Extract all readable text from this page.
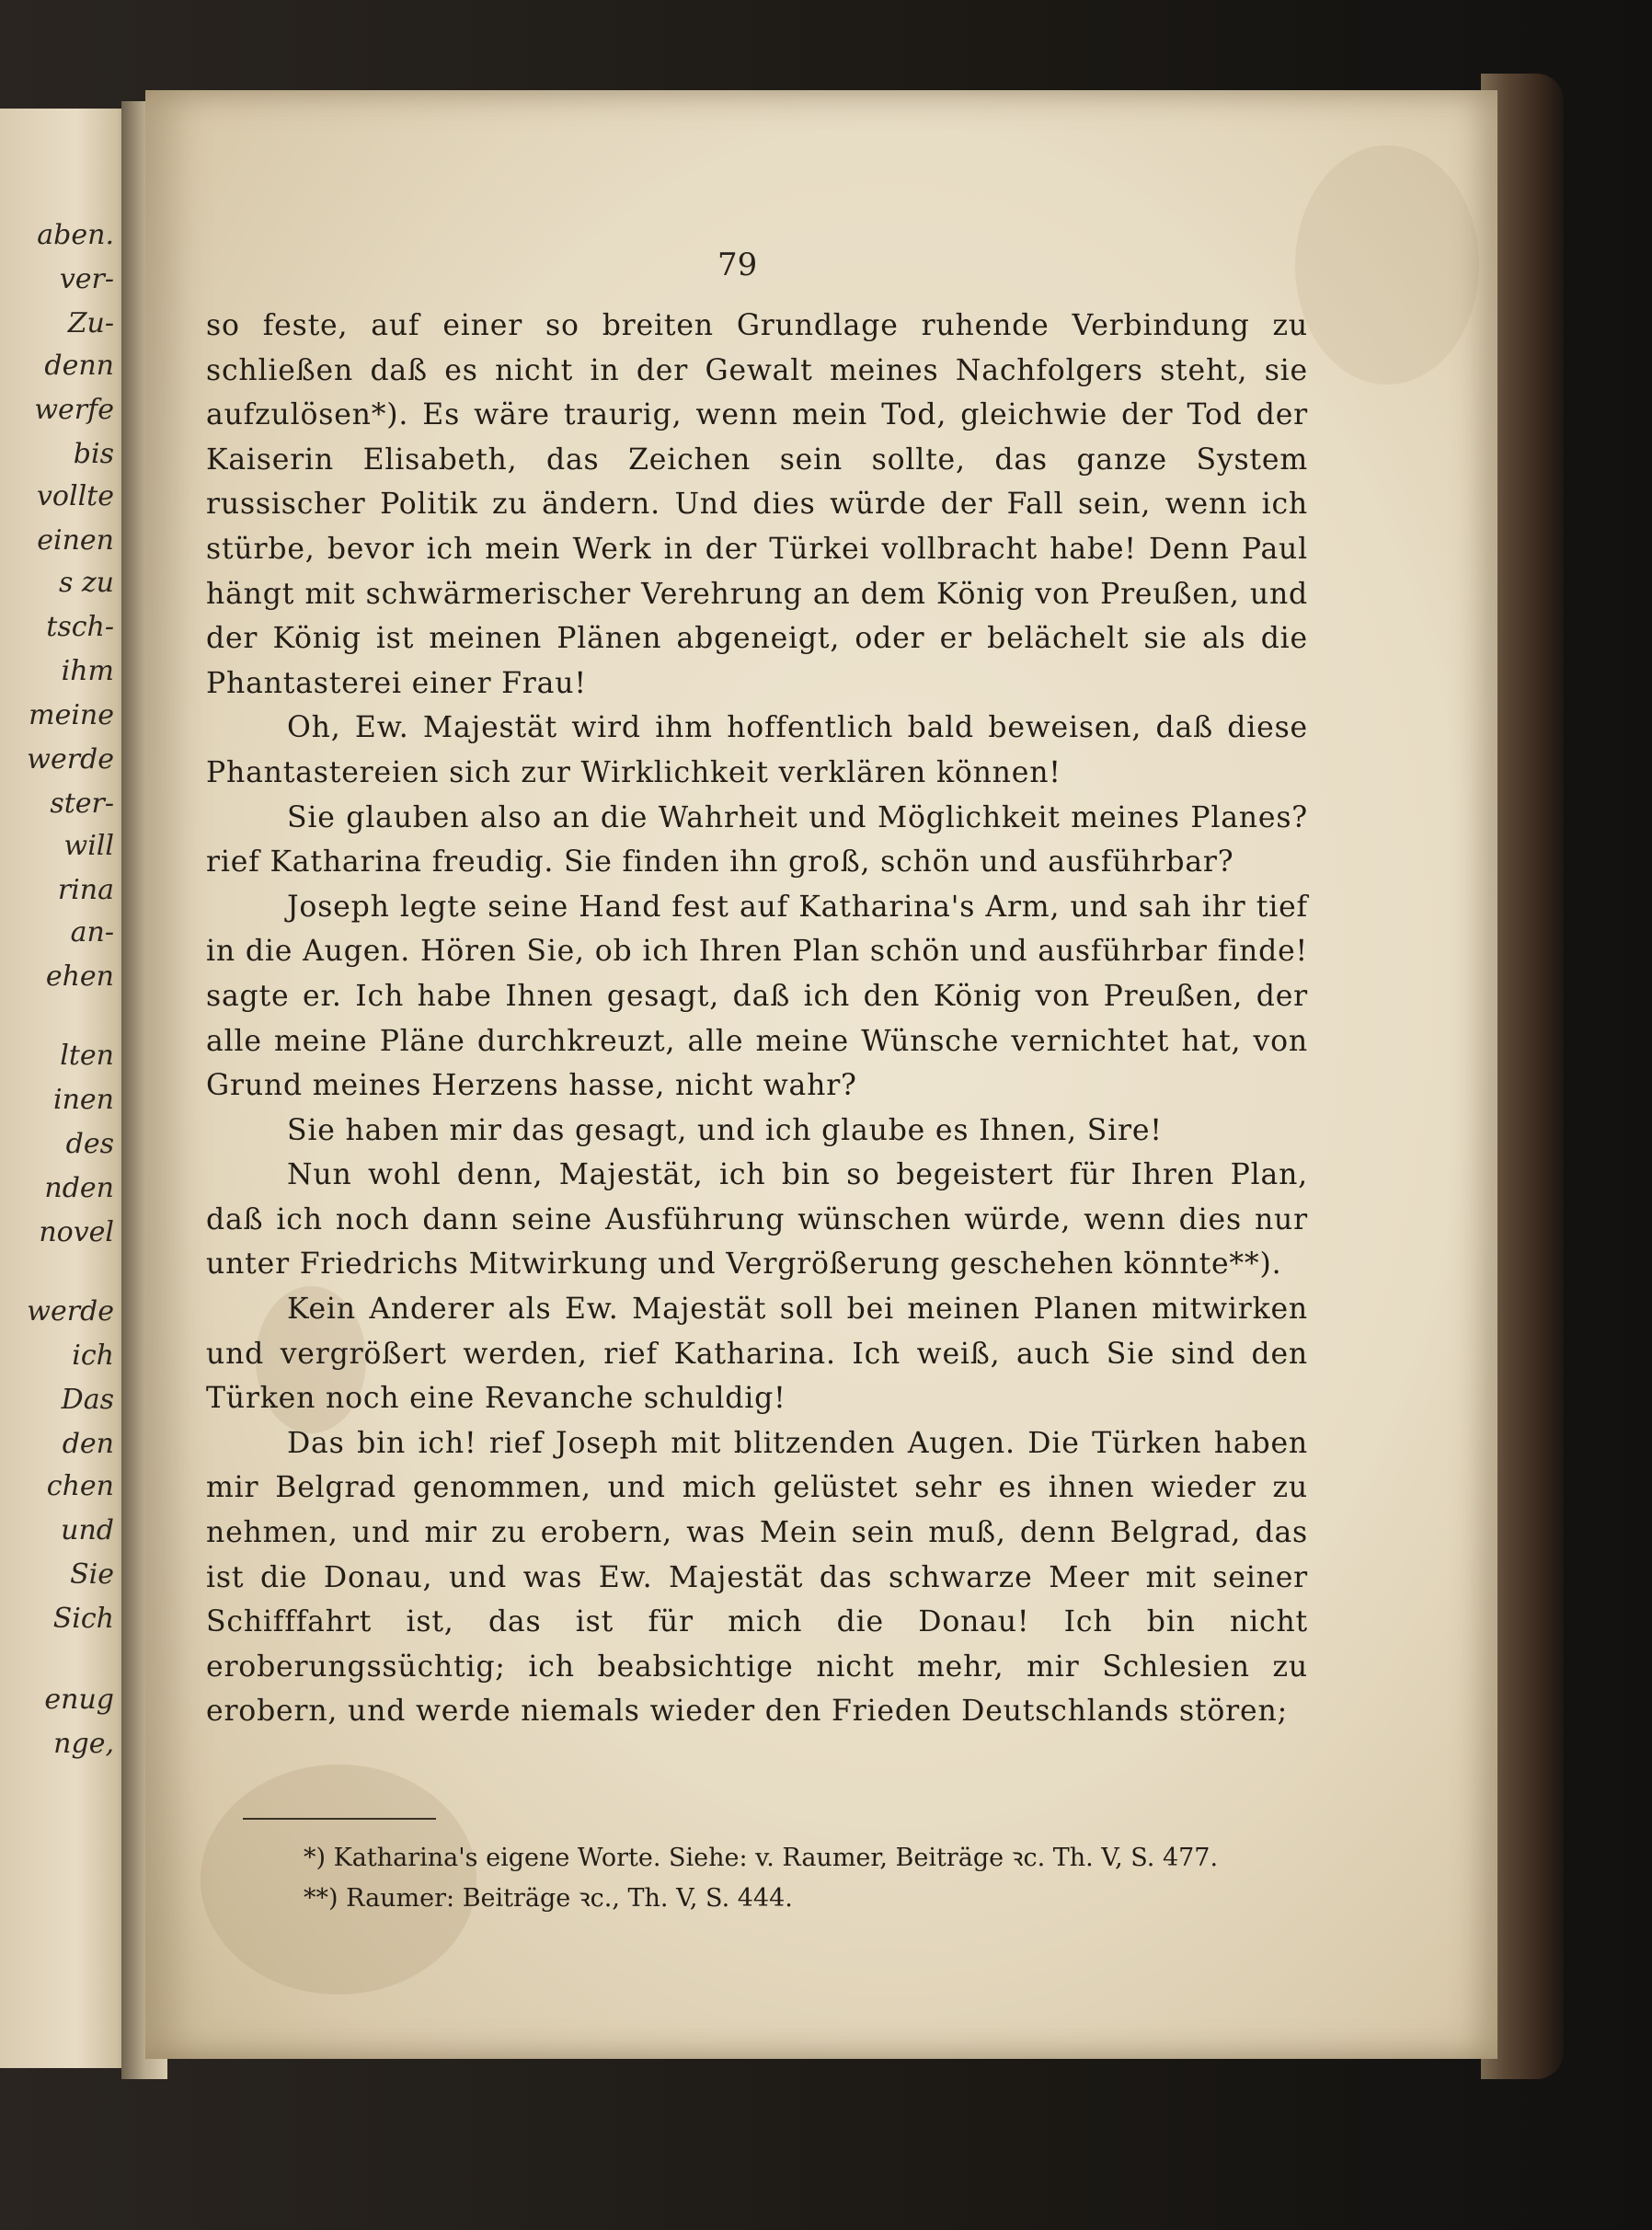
aben.
ver-
Zu-
denn
werfe
bis
vollte
einen
s zu
tsch-
ihm
meine
werde
ster-
will
rina
an-
ehen
lten
inen
des
nden
novel
werde
ich
Das
den
chen
und
Sie
Sich
enug
nge,
79

so feste, auf einer so breiten Grundlage ruhende Verbindung zu schließen daß es nicht in der Gewalt meines Nachfolgers steht, sie aufzulösen*). Es wäre traurig, wenn mein Tod, gleichwie der Tod der Kaiserin Elisabeth, das Zeichen sein sollte, das ganze System russischer Politik zu ändern. Und dies würde der Fall sein, wenn ich stürbe, bevor ich mein Werk in der Türkei vollbracht habe! Denn Paul hängt mit schwärmerischer Verehrung an dem König von Preußen, und der König ist meinen Plänen abgeneigt, oder er belächelt sie als die Phantasterei einer Frau!

Oh, Ew. Majestät wird ihm hoffentlich bald beweisen, daß diese Phantastereien sich zur Wirklichkeit verklären können!

Sie glauben also an die Wahrheit und Möglichkeit meines Planes? rief Katharina freudig. Sie finden ihn groß, schön und ausführbar?

Joseph legte seine Hand fest auf Katharina's Arm, und sah ihr tief in die Augen. Hören Sie, ob ich Ihren Plan schön und ausführbar finde! sagte er. Ich habe Ihnen gesagt, daß ich den König von Preußen, der alle meine Pläne durchkreuzt, alle meine Wünsche vernichtet hat, von Grund meines Herzens hasse, nicht wahr?

Sie haben mir das gesagt, und ich glaube es Ihnen, Sire!

Nun wohl denn, Majestät, ich bin so begeistert für Ihren Plan, daß ich noch dann seine Ausführung wünschen würde, wenn dies nur unter Friedrichs Mitwirkung und Vergrößerung geschehen könnte**).

Kein Anderer als Ew. Majestät soll bei meinen Planen mitwirken und vergrößert werden, rief Katharina. Ich weiß, auch Sie sind den Türken noch eine Revanche schuldig!

Das bin ich! rief Joseph mit blitzenden Augen. Die Türken haben mir Belgrad genommen, und mich gelüstet sehr es ihnen wieder zu nehmen, und mir zu erobern, was Mein sein muß, denn Belgrad, das ist die Donau, und was Ew. Majestät das schwarze Meer mit seiner Schifffahrt ist, das ist für mich die Donau! Ich bin nicht eroberungssüchtig; ich beabsichtige nicht mehr, mir Schlesien zu erobern, und werde niemals wieder den Frieden Deutschlands stören;

*) Katharina's eigene Worte. Siehe: v. Raumer, Beiträge ꝛc. Th. V, S. 477.
**) Raumer: Beiträge ꝛc., Th. V, S. 444.
